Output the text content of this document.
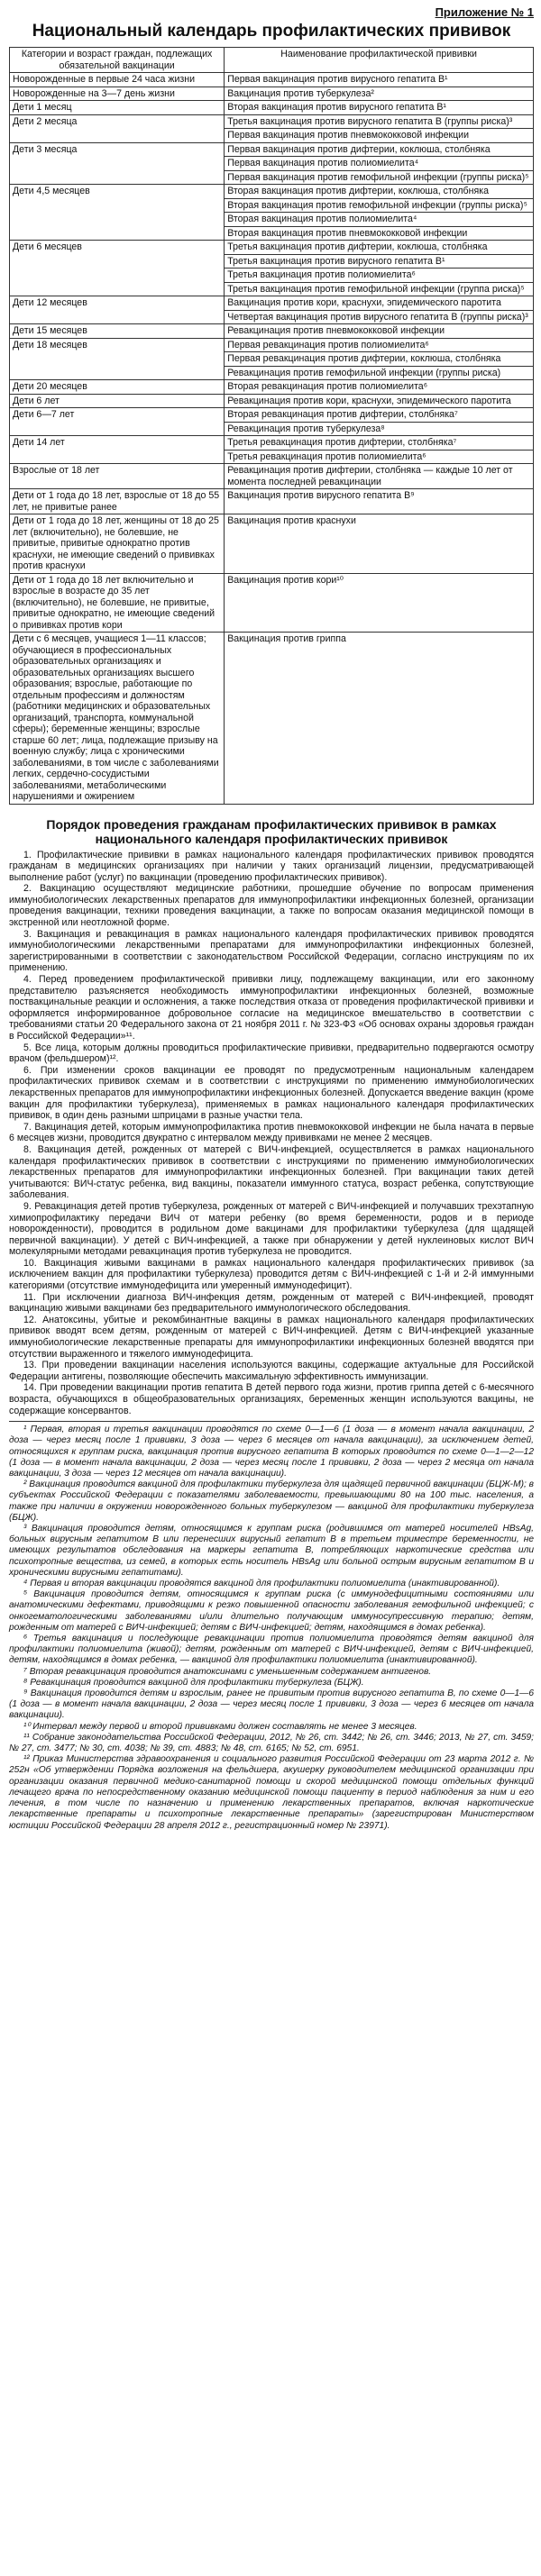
Приложение № 1
Национальный календарь профилактических прививок
Категории и возраст граждан, подлежащих обязательной вакцинации	Наименование профилактической прививки
Новорожденные в первые 24 часа жизни	Первая вакцинация против вирусного гепатита В¹
Новорожденные на 3—7 день жизни	Вакцинация против туберкулеза²
Дети 1 месяц	Вторая вакцинация против вирусного гепатита В¹
Дети 2 месяца	Третья вакцинация против вирусного гепатита В (группы риска)³
	Первая вакцинация против пневмококковой инфекции
Дети 3 месяца	Первая вакцинация против дифтерии, коклюша, столбняка
	Первая вакцинация против полиомиелита⁴
	Первая вакцинация против гемофильной инфекции (группы риска)⁵
Дети 4,5 месяцев	Вторая вакцинация против дифтерии, коклюша, столбняка
	Вторая вакцинация против гемофильной инфекции (группы риска)⁵
	Вторая вакцинация против полиомиелита⁴
	Вторая вакцинация против пневмококковой инфекции
Дети 6 месяцев	Третья вакцинация против дифтерии, коклюша, столбняка
	Третья вакцинация против вирусного гепатита В¹
	Третья вакцинация против полиомиелита⁶
	Третья вакцинация против гемофильной инфекции (группа риска)⁵
Дети 12 месяцев	Вакцинация против кори, краснухи, эпидемического паротита
	Четвертая вакцинация против вирусного гепатита В (группы риска)³
Дети 15 месяцев	Ревакцинация против пневмококковой инфекции
Дети 18 месяцев	Первая ревакцинация против полиомиелита⁶
	Первая ревакцинация против дифтерии, коклюша, столбняка
	Ревакцинация против гемофильной инфекции (группы риска)
Дети 20 месяцев	Вторая ревакцинация против полиомиелита⁶
Дети 6 лет	Ревакцинация против кори, краснухи, эпидемического паротита
Дети 6—7 лет	Вторая ревакцинация против дифтерии, столбняка⁷
	Ревакцинация против туберкулеза⁸
Дети 14 лет	Третья ревакцинация против дифтерии, столбняка⁷
	Третья ревакцинация против полиомиелита⁶
Взрослые от 18 лет	Ревакцинация против дифтерии, столбняка — каждые 10 лет от момента последней ревакцинации
Дети от 1 года до 18 лет, взрослые от 18 до 55 лет, не привитые ранее	Вакцинация против вирусного гепатита В⁹
Дети от 1 года до 18 лет, женщины от 18 до 25 лет (включительно), не болевшие, не привитые, привитые однократно против краснухи, не имеющие сведений о прививках против краснухи	Вакцинация против краснухи
Дети от 1 года до 18 лет включительно и взрослые в возрасте до 35 лет (включительно), не болевшие, не привитые, привитые однократно, не имеющие сведений о прививках против кори	Вакцинация против кори¹⁰
Дети с 6 месяцев, учащиеся 1—11 классов; обучающиеся в профессиональных образовательных организациях и образовательных организациях высшего образования; взрослые, работающие по отдельным профессиям и должностям (работники медицинских и образовательных организаций, транспорта, коммунальной сферы); беременные женщины; взрослые старше 60 лет; лица, подлежащие призыву на военную службу; лица с хроническими заболеваниями, в том числе с заболеваниями легких, сердечно-сосудистыми заболеваниями, метаболическими нарушениями и ожирением	Вакцинация против гриппа
Порядок проведения гражданам профилактических прививок в рамках национального календаря профилактических прививок

1. Профилактические прививки в рамках национального календаря профилактических прививок проводятся гражданам в медицинских организациях при наличии у таких организаций лицензии, предусматривающей выполнение работ (услуг) по вакцинации (проведению профилактических прививок).

2. Вакцинацию осуществляют медицинские работники, прошедшие обучение по вопросам применения иммунобиологических лекарственных препаратов для иммунопрофилактики инфекционных болезней, организации проведения вакцинации, техники проведения вакцинации, а также по вопросам оказания медицинской помощи в экстренной или неотложной форме.

3. Вакцинация и ревакцинация в рамках национального календаря профилактических прививок проводятся иммунобиологическими лекарственными препаратами для иммунопрофилактики инфекционных болезней, зарегистрированными в соответствии с законодательством Российской Федерации, согласно инструкциям по их применению.

4. Перед проведением профилактической прививки лицу, подлежащему вакцинации, или его законному представителю разъясняется необходимость иммунопрофилактики инфекционных болезней, возможные поствакцинальные реакции и осложнения, а также последствия отказа от проведения профилактической прививки и оформляется информированное добровольное согласие на медицинское вмешательство в соответствии с требованиями статьи 20 Федерального закона от 21 ноября 2011 г. № 323-ФЗ «Об основах охраны здоровья граждан в Российской Федерации»¹¹.

5. Все лица, которым должны проводиться профилактические прививки, предварительно подвергаются осмотру врачом (фельдшером)¹².

6. При изменении сроков вакцинации ее проводят по предусмотренным национальным календарем профилактических прививок схемам и в соответствии с инструкциями по применению иммунобиологических лекарственных препаратов для иммунопрофилактики инфекционных болезней. Допускается введение вакцин (кроме вакцин для профилактики туберкулеза), применяемых в рамках национального календаря профилактических прививок, в один день разными шприцами в разные участки тела.

7. Вакцинация детей, которым иммунопрофилактика против пневмококковой инфекции не была начата в первые 6 месяцев жизни, проводится двукратно с интервалом между прививками не менее 2 месяцев.

8. Вакцинация детей, рожденных от матерей с ВИЧ-инфекцией, осуществляется в рамках национального календаря профилактических прививок в соответствии с инструкциями по применению иммунобиологических лекарственных препаратов для иммунопрофилактики инфекционных болезней. При вакцинации таких детей учитываются: ВИЧ-статус ребенка, вид вакцины, показатели иммунного статуса, возраст ребенка, сопутствующие заболевания.

9. Ревакцинация детей против туберкулеза, рожденных от матерей с ВИЧ-инфекцией и получавших трехэтапную химиопрофилактику передачи ВИЧ от матери ребенку (во время беременности, родов и в периоде новорожденности), проводится в родильном доме вакцинами для профилактики туберкулеза (для щадящей первичной вакцинации). У детей с ВИЧ-инфекцией, а также при обнаружении у детей нуклеиновых кислот ВИЧ молекулярными методами ревакцинация против туберкулеза не проводится.

10. Вакцинация живыми вакцинами в рамках национального календаря профилактических прививок (за исключением вакцин для профилактики туберкулеза) проводится детям с ВИЧ-инфекцией с 1-й и 2-й иммунными категориями (отсутствие иммунодефицита или умеренный иммунодефицит).

11. При исключении диагноза ВИЧ-инфекция детям, рожденным от матерей с ВИЧ-инфекцией, проводят вакцинацию живыми вакцинами без предварительного иммунологического обследования.

12. Анатоксины, убитые и рекомбинантные вакцины в рамках национального календаря профилактических прививок вводят всем детям, рожденным от матерей с ВИЧ-инфекцией. Детям с ВИЧ-инфекцией указанные иммунобиологические лекарственные препараты для иммунопрофилактики инфекционных болезней вводятся при отсутствии выраженного и тяжелого иммунодефицита.

13. При проведении вакцинации населения используются вакцины, содержащие актуальные для Российской Федерации антигены, позволяющие обеспечить максимальную эффективность иммунизации.

14. При проведении вакцинации против гепатита В детей первого года жизни, против гриппа детей с 6-месячного возраста, обучающихся в общеобразовательных организациях, беременных женщин используются вакцины, не содержащие консервантов.

¹ Первая, вторая и третья вакцинации проводятся по схеме 0—1—6 (1 доза — в момент начала вакцинации, 2 доза — через месяц после 1 прививки, 3 доза — через 6 месяцев от начала вакцинации), за исключением детей, относящихся к группам риска, вакцинация против вирусного гепатита В которых проводится по схеме 0—1—2—12 (1 доза — в момент начала вакцинации, 2 доза — через месяц после 1 прививки, 2 доза — через 2 месяца от начала вакцинации, 3 доза — через 12 месяцев от начала вакцинации).

² Вакцинация проводится вакциной для профилактики туберкулеза для щадящей первичной вакцинации (БЦЖ-М); в субъектах Российской Федерации с показателями заболеваемости, превышающими 80 на 100 тыс. населения, а также при наличии в окружении новорожденного больных туберкулезом — вакциной для профилактики туберкулеза (БЦЖ).

³ Вакцинация проводится детям, относящимся к группам риска (родившимся от матерей носителей HBsAg, больных вирусным гепатитом В или перенесших вирусный гепатит В в третьем триместре беременности, не имеющих результатов обследования на маркеры гепатита В, потребляющих наркотические средства или психотропные вещества, из семей, в которых есть носитель HBsAg или больной острым вирусным гепатитом В и хроническими вирусными гепатитами).

⁴ Первая и вторая вакцинации проводятся вакциной для профилактики полиомиелита (инактивированной).

⁵ Вакцинация проводится детям, относящимся к группам риска (с иммунодефицитными состояниями или анатомическими дефектами, приводящими к резко повышенной опасности заболевания гемофильной инфекцией; с онкогематологическими заболеваниями и/или длительно получающим иммуносупрессивную терапию; детям, рожденным от матерей с ВИЧ-инфекцией; детям с ВИЧ-инфекцией; детям, находящимся в домах ребенка).

⁶ Третья вакцинация и последующие ревакцинации против полиомиелита проводятся детям вакциной для профилактики полиомиелита (живой); детям, рожденным от матерей с ВИЧ-инфекцией, детям с ВИЧ-инфекцией, детям, находящимся в домах ребенка, — вакциной для профилактики полиомиелита (инактивированной).

⁷ Вторая ревакцинация проводится анатоксинами с уменьшенным содержанием антигенов.

⁸ Ревакцинация проводится вакциной для профилактики туберкулеза (БЦЖ).

⁹ Вакцинация проводится детям и взрослым, ранее не привитым против вирусного гепатита В, по схеме 0—1—6 (1 доза — в момент начала вакцинации, 2 доза — через месяц после 1 прививки, 3 доза — через 6 месяцев от начала вакцинации).

¹⁰ Интервал между первой и второй прививками должен составлять не менее 3 месяцев.

¹¹ Собрание законодательства Российской Федерации, 2012, № 26, ст. 3442; № 26, ст. 3446; 2013, № 27, ст. 3459; № 27, ст. 3477; № 30, ст. 4038; № 39, ст. 4883; № 48, ст. 6165; № 52, ст. 6951.

¹² Приказ Министерства здравоохранения и социального развития Российской Федерации от 23 марта 2012 г. № 252н «Об утверждении Порядка возложения на фельдшера, акушерку руководителем медицинской организации при организации оказания первичной медико-санитарной помощи и скорой медицинской помощи отдельных функций лечащего врача по непосредственному оказанию медицинской помощи пациенту в период наблюдения за ним и его лечения, в том числе по назначению и применению лекарственных препаратов, включая наркотические лекарственные препараты и психотропные лекарственные препараты» (зарегистрирован Министерством юстиции Российской Федерации 28 апреля 2012 г., регистрационный номер № 23971).
